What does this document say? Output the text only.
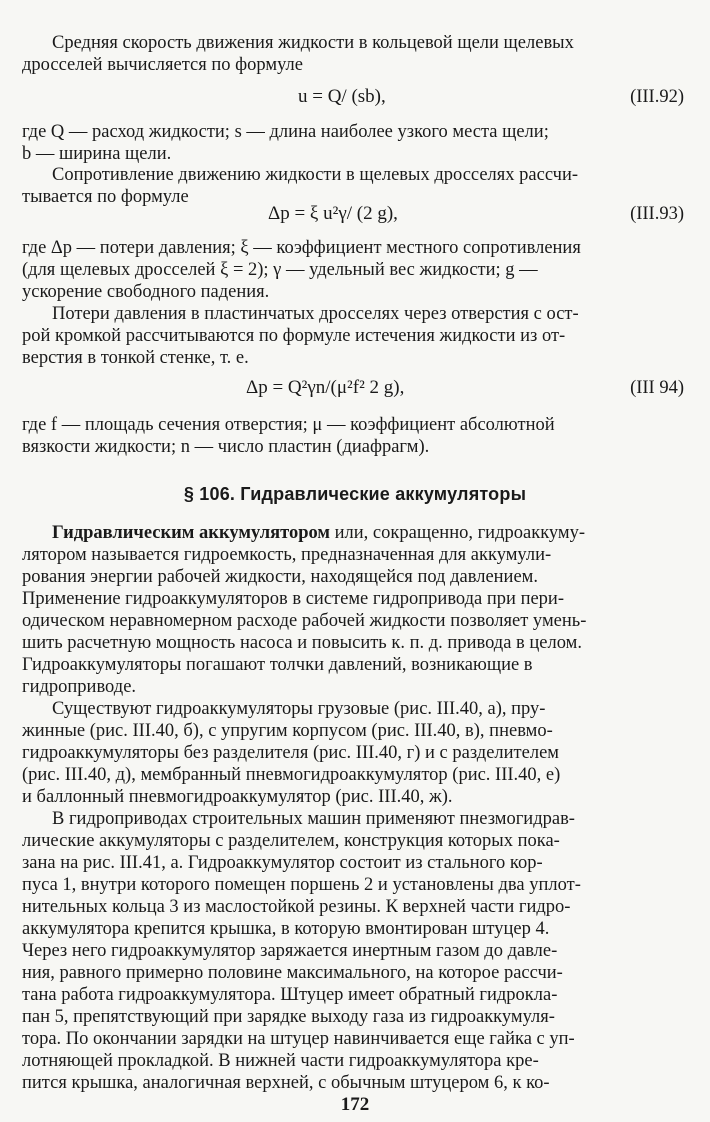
Средняя скорость движения жидкости в кольцевой щели щелевых
дросселей вычисляется по формуле
u = Q/ (sb),	(III.92)
где Q — расход жидкости; s — длина наиболее узкого места щели;
b — ширина щели.
Сопротивление движению жидкости в щелевых дросселях рассчи-
тывается по формуле
Δp = ξ u²γ/ (2 g),	(III.93)
где Δp — потери давления; ξ — коэффициент местного сопротивления
(для щелевых дросселей ξ = 2); γ — удельный вес жидкости; g —
ускорение свободного падения.
Потери давления в пластинчатых дросселях через отверстия с ост-
рой кромкой рассчитываются по формуле истечения жидкости из от-
верстия в тонкой стенке, т. е.
Δp = Q²γn/(μ²f² 2 g),	(III 94)
где f — площадь сечения отверстия; μ — коэффициент абсолютной
вязкости жидкости; n — число пластин (диафрагм).
§ 106. Гидравлические аккумуляторы
Гидравлическим аккумулятором или, сокращенно, гидроаккуму-
лятором называется гидроемкость, предназначенная для аккумули-
рования энергии рабочей жидкости, находящейся под давлением.
Применение гидроаккумуляторов в системе гидропривода при пери-
одическом неравномерном расходе рабочей жидкости позволяет умень-
шить расчетную мощность насоса и повысить к. п. д. привода в целом.
Гидроаккумуляторы погашают толчки давлений, возникающие в
гидроприводе.
Существуют гидроаккумуляторы грузовые (рис. III.40, а), пру-
жинные (рис. III.40, б), с упругим корпусом (рис. III.40, в), пневмо-
гидроаккумуляторы без разделителя (рис. III.40, г) и с разделителем
(рис. III.40, д), мембранный пневмогидроаккумулятор (рис. III.40, е)
и баллонный пневмогидроаккумулятор (рис. III.40, ж).
В гидроприводах строительных машин применяют пнезмогидрав-
лические аккумуляторы с разделителем, конструкция которых пока-
зана на рис. III.41, а. Гидроаккумулятор состоит из стального кор-
пуса 1, внутри которого помещен поршень 2 и установлены два уплот-
нительных кольца 3 из маслостойкой резины. К верхней части гидро-
аккумулятора крепится крышка, в которую вмонтирован штуцер 4.
Через него гидроаккумулятор заряжается инертным газом до давле-
ния, равного примерно половине максимального, на которое рассчи-
тана работа гидроаккумулятора. Штуцер имеет обратный гидрокла-
пан 5, препятствующий при зарядке выходу газа из гидроаккумуля-
тора. По окончании зарядки на штуцер навинчивается еще гайка с уп-
лотняющей прокладкой. В нижней части гидроаккумулятора кре-
пится крышка, аналогичная верхней, с обычным штуцером 6, к ко-
172
